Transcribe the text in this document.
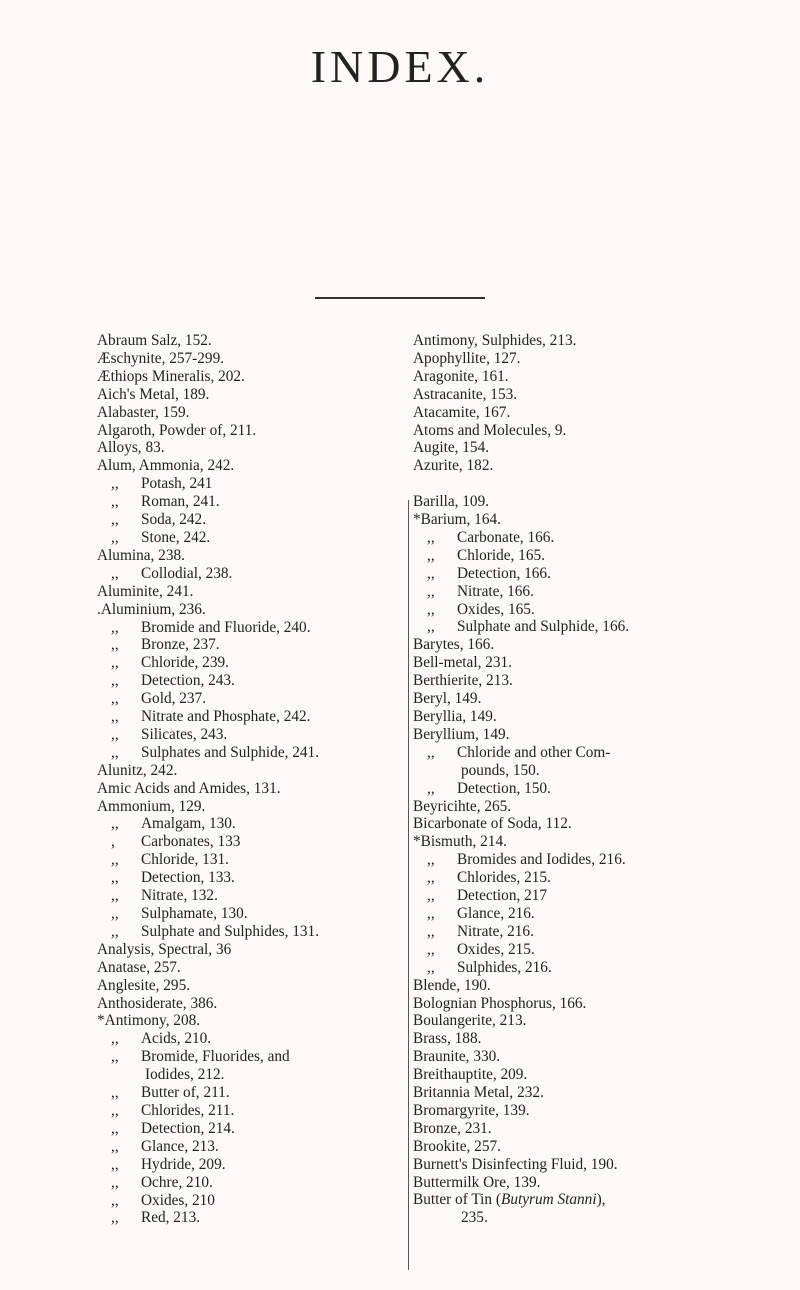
INDEX.
Abraum Salz, 152.
Æschynite, 257-299.
Æthiops Mineralis, 202.
Aich's Metal, 189.
Alabaster, 159.
Algaroth, Powder of, 211.
Alloys, 83.
Alum, Ammonia, 242.
,, Potash, 241
,, Roman, 241.
,, Soda, 242.
,, Stone, 242.
Alumina, 238.
,, Collodial, 238.
Aluminite, 241.
.Aluminium, 236.
,, Bromide and Fluoride, 240.
,, Bronze, 237.
,, Chloride, 239.
,, Detection, 243.
,, Gold, 237.
,, Nitrate and Phosphate, 242.
,, Silicates, 243.
,, Sulphates and Sulphide, 241.
Alunitz, 242.
Amic Acids and Amides, 131.
Ammonium, 129.
,, Amalgam, 130.
, Carbonates, 133
,, Chloride, 131.
,, Detection, 133.
,, Nitrate, 132.
,, Sulphamate, 130.
,, Sulphate and Sulphides, 131.
Analysis, Spectral, 36
Anatase, 257.
Anglesite, 295.
Anthosiderate, 386.
*Antimony, 208.
,, Acids, 210.
,, Bromide, Fluorides, and
Iodides, 212.
,, Butter of, 211.
,, Chlorides, 211.
,, Detection, 214.
,, Glance, 213.
,, Hydride, 209.
,, Ochre, 210.
,, Oxides, 210
,, Red, 213.
Antimony, Sulphides, 213.
Apophyllite, 127.
Aragonite, 161.
Astracanite, 153.
Atacamite, 167.
Atoms and Molecules, 9.
Augite, 154.
Azurite, 182.
Barilla, 109.
*Barium, 164.
,, Carbonate, 166.
,, Chloride, 165.
,, Detection, 166.
,, Nitrate, 166.
,, Oxides, 165.
,, Sulphate and Sulphide, 166.
Barytes, 166.
Bell-metal, 231.
Berthierite, 213.
Beryl, 149.
Beryllia, 149.
Beryllium, 149.
,, Chloride and other Com-
pounds, 150.
,, Detection, 150.
Beyricihte, 265.
Bicarbonate of Soda, 112.
*Bismuth, 214.
,, Bromides and Iodides, 216.
,, Chlorides, 215.
,, Detection, 217
,, Glance, 216.
,, Nitrate, 216.
,, Oxides, 215.
,, Sulphides, 216.
Blende, 190.
Bolognian Phosphorus, 166.
Boulangerite, 213.
Brass, 188.
Braunite, 330.
Breithauptite, 209.
Britannia Metal, 232.
Bromargyrite, 139.
Bronze, 231.
Brookite, 257.
Burnett's Disinfecting Fluid, 190.
Buttermilk Ore, 139.
Butter of Tin (Butyrum Stanni),
235.
